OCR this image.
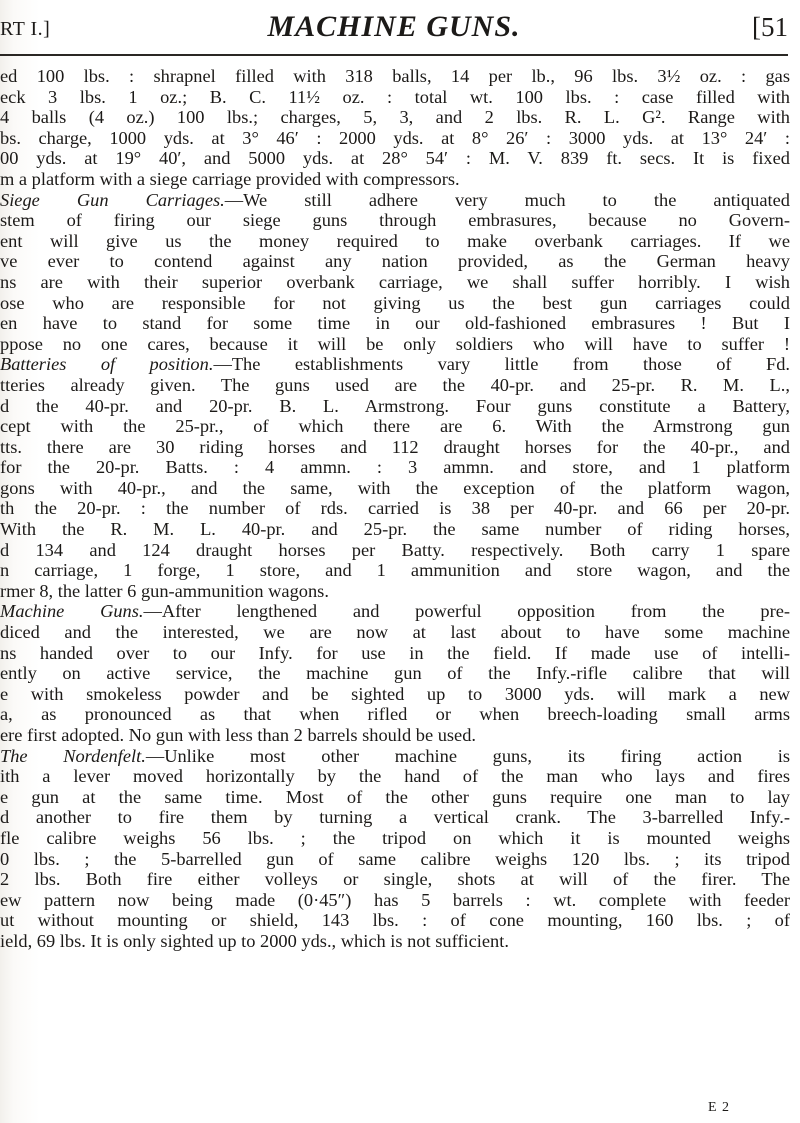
RT I.]	MACHINE GUNS.	[51
ed 100 lbs. : shrapnel filled with 318 balls, 14 per lb., 96 lbs. 3½ oz. : gas
eck 3 lbs. 1 oz.; B. C. 11½ oz. : total wt. 100 lbs. : case filled with
4 balls (4 oz.) 100 lbs.; charges, 5, 3, and 2 lbs. R. L. G². Range with
bs. charge, 1000 yds. at 3° 46′ : 2000 yds. at 8° 26′ : 3000 yds. at 13° 24′ :
00 yds. at 19° 40′, and 5000 yds. at 28° 54′ : M. V. 839 ft. secs. It is fixed
m a platform with a siege carriage provided with compressors.
Siege Gun Carriages.—We still adhere very much to the antiquated
stem of firing our siege guns through embrasures, because no Govern-
ent will give us the money required to make overbank carriages. If we
ve ever to contend against any nation provided, as the German heavy
ns are with their superior overbank carriage, we shall suffer horribly. I wish
ose who are responsible for not giving us the best gun carriages could
en have to stand for some time in our old-fashioned embrasures ! But I
ppose no one cares, because it will be only soldiers who will have to suffer !
Batteries of position.—The establishments vary little from those of Fd.
tteries already given. The guns used are the 40-pr. and 25-pr. R. M. L.,
d the 40-pr. and 20-pr. B. L. Armstrong. Four guns constitute a Battery,
cept with the 25-pr., of which there are 6. With the Armstrong gun
tts. there are 30 riding horses and 112 draught horses for the 40-pr., and
for the 20-pr. Batts. : 4 ammn. : 3 ammn. and store, and 1 platform
gons with 40-pr., and the same, with the exception of the platform wagon,
th the 20-pr. : the number of rds. carried is 38 per 40-pr. and 66 per 20-pr.
With the R. M. L. 40-pr. and 25-pr. the same number of riding horses,
d 134 and 124 draught horses per Batty. respectively. Both carry 1 spare
n carriage, 1 forge, 1 store, and 1 ammunition and store wagon, and the
rmer 8, the latter 6 gun-ammunition wagons.
Machine Guns.—After lengthened and powerful opposition from the pre-
diced and the interested, we are now at last about to have some machine
ns handed over to our Infy. for use in the field. If made use of intelli-
ently on active service, the machine gun of the Infy.-rifle calibre that will
e with smokeless powder and be sighted up to 3000 yds. will mark a new
a, as pronounced as that when rifled or when breech-loading small arms
ere first adopted. No gun with less than 2 barrels should be used.
The Nordenfelt.—Unlike most other machine guns, its firing action is
ith a lever moved horizontally by the hand of the man who lays and fires
e gun at the same time. Most of the other guns require one man to lay
d another to fire them by turning a vertical crank. The 3-barrelled Infy.-
fle calibre weighs 56 lbs. ; the tripod on which it is mounted weighs
0 lbs. ; the 5-barrelled gun of same calibre weighs 120 lbs. ; its tripod
2 lbs. Both fire either volleys or single, shots at will of the firer. The
ew pattern now being made (0·45″) has 5 barrels : wt. complete with feeder
ut without mounting or shield, 143 lbs. : of cone mounting, 160 lbs. ; of
ield, 69 lbs. It is only sighted up to 2000 yds., which is not sufficient.
E 2
